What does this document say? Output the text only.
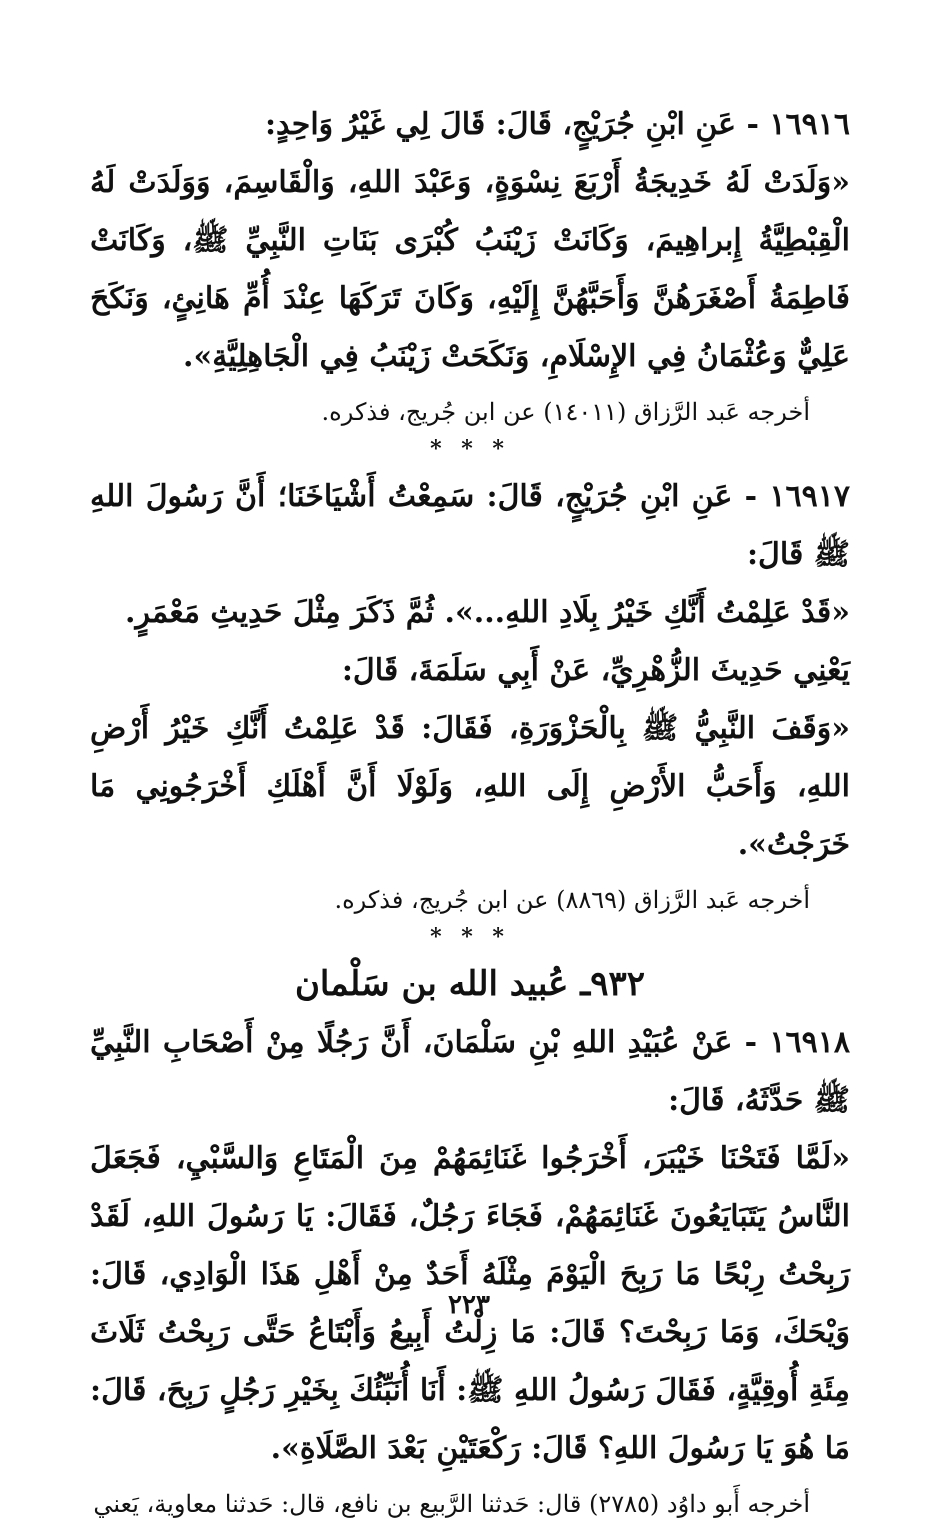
١٦٩١٦ - عَنِ ابْنِ جُرَيْجٍ، قَالَ: قَالَ لِي غَيْرُ وَاحِدٍ:

«وَلَدَتْ لَهُ خَدِيجَةُ أَرْبَعَ نِسْوَةٍ، وَعَبْدَ اللهِ، وَالْقَاسِمَ، وَوَلَدَتْ لَهُ الْقِبْطِيَّةُ إِبراهِيمَ، وَكَانَتْ زَيْنَبُ كُبْرَى بَنَاتِ النَّبِيِّ ﷺ، وَكَانَتْ فَاطِمَةُ أَصْغَرَهُنَّ وَأَحَبَّهُنَّ إِلَيْهِ، وَكَانَ تَرَكَهَا عِنْدَ أُمِّ هَانِئٍ، وَنَكَحَ عَلِيٌّ وَعُثْمَانُ فِي الإِسْلَامِ، وَنَكَحَتْ زَيْنَبُ فِي الْجَاهِلِيَّةِ».

أخرجه عَبد الرَّزاق (١٤٠١١) عن ابن جُريج، فذكره.

* * *

١٦٩١٧ - عَنِ ابْنِ جُرَيْجٍ، قَالَ: سَمِعْتُ أَشْيَاخَنَا؛ أَنَّ رَسُولَ اللهِ ﷺ قَالَ:

«قَدْ عَلِمْتُ أَنَّكِ خَيْرُ بِلَادِ اللهِ...». ثُمَّ ذَكَرَ مِثْلَ حَدِيثِ مَعْمَرٍ.

يَعْنِي حَدِيثَ الزُّهْرِيِّ، عَنْ أَبِي سَلَمَةَ، قَالَ:

«وَقَفَ النَّبِيُّ ﷺ بِالْحَزْوَرَةِ، فَقَالَ: قَدْ عَلِمْتُ أَنَّكِ خَيْرُ أَرْضِ اللهِ، وَأَحَبُّ الأَرْضِ إِلَى اللهِ، وَلَوْلَا أَنَّ أَهْلَكِ أَخْرَجُونِي مَا خَرَجْتُ».

أخرجه عَبد الرَّزاق (٨٨٦٩) عن ابن جُريج، فذكره.

* * *
٩٣٢ـ عُبيد الله بن سَلْمان

١٦٩١٨ - عَنْ عُبَيْدِ اللهِ بْنِ سَلْمَانَ، أَنَّ رَجُلًا مِنْ أَصْحَابِ النَّبِيِّ ﷺ حَدَّثَهُ، قَالَ:

«لَمَّا فَتَحْنَا خَيْبَرَ، أَخْرَجُوا غَنَائِمَهُمْ مِنَ الْمَتَاعِ وَالسَّبْيِ، فَجَعَلَ النَّاسُ يَتَبَايَعُونَ غَنَائِمَهُمْ، فَجَاءَ رَجُلٌ، فَقَالَ: يَا رَسُولَ اللهِ، لَقَدْ رَبِحْتُ رِبْحًا مَا رَبِحَ الْيَوْمَ مِثْلَهُ أَحَدٌ مِنْ أَهْلِ هَذَا الْوَادِي، قَالَ: وَيْحَكَ، وَمَا رَبِحْتَ؟ قَالَ: مَا زِلْتُ أَبِيعُ وَأَبْتَاعُ حَتَّى رَبِحْتُ ثَلَاثَ مِئَةِ أُوقِيَّةٍ، فَقَالَ رَسُولُ اللهِ ﷺ: أَنَا أُنَبِّئُكَ بِخَيْرِ رَجُلٍ رَبِحَ، قَالَ: مَا هُوَ يَا رَسُولَ اللهِ؟ قَالَ: رَكْعَتَيْنِ بَعْدَ الصَّلَاةِ».

أخرجه أَبو داوُد (٢٧٨٥) قال: حَدثنا الرَّبيع بن نافع، قال: حَدثنا معاوية، يَعني

٢٢٣
